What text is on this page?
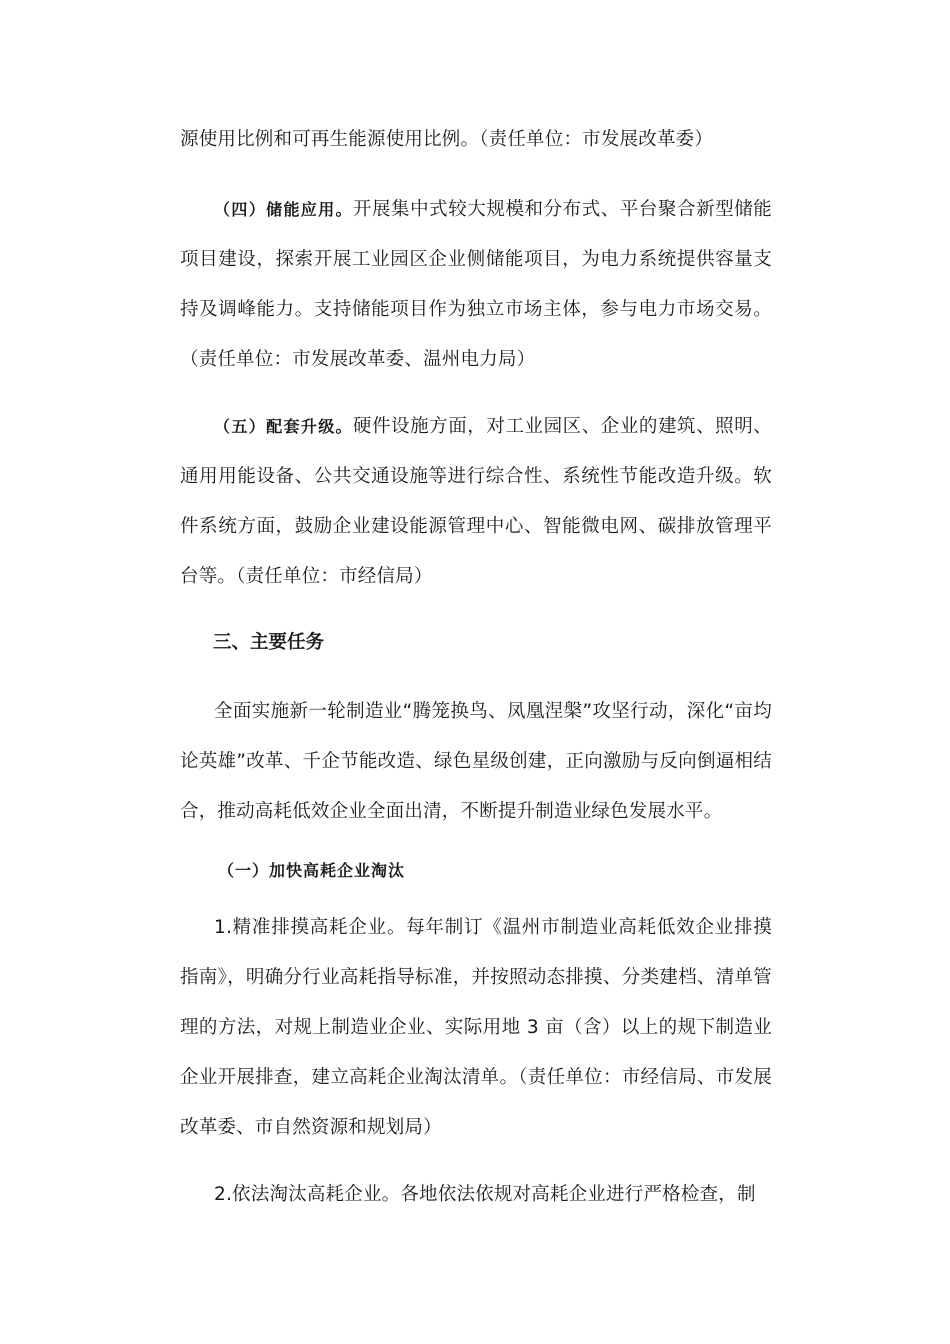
源使用比例和可再生能源使用比例。（责任单位：市发展改革委）

（四）储能应用。开展集中式较大规模和分布式、平台聚合新型储能项目建设，探索开展工业园区企业侧储能项目，为电力系统提供容量支持及调峰能力。支持储能项目作为独立市场主体，参与电力市场交易。（责任单位：市发展改革委、温州电力局）

（五）配套升级。硬件设施方面，对工业园区、企业的建筑、照明、通用用能设备、公共交通设施等进行综合性、系统性节能改造升级。软件系统方面，鼓励企业建设能源管理中心、智能微电网、碳排放管理平台等。（责任单位：市经信局）

三、主要任务

全面实施新一轮制造业“腾笼换鸟、凤凰涅槃”攻坚行动，深化“亩均论英雄”改革、千企节能改造、绿色星级创建，正向激励与反向倒逼相结合，推动高耗低效企业全面出清，不断提升制造业绿色发展水平。

（一）加快高耗企业淘汰

1.精准排摸高耗企业。每年制订《温州市制造业高耗低效企业排摸指南》，明确分行业高耗指导标准，并按照动态排摸、分类建档、清单管理的方法，对规上制造业企业、实际用地 3 亩（含）以上的规下制造业企业开展排查，建立高耗企业淘汰清单。（责任单位：市经信局、市发展改革委、市自然资源和规划局）

2.依法淘汰高耗企业。各地依法依规对高耗企业进行严格检查，制
